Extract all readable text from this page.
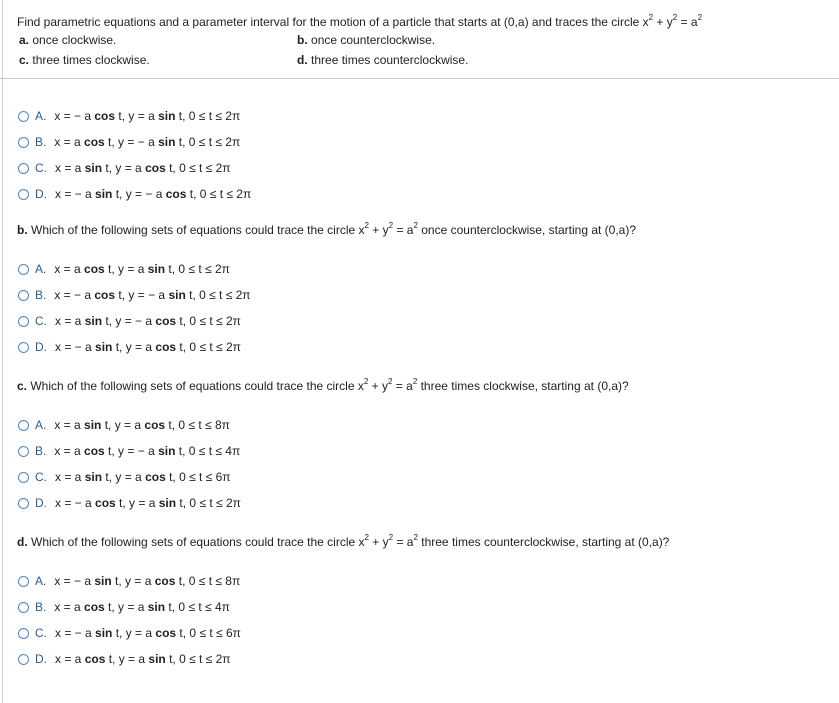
Find parametric equations and a parameter interval for the motion of a particle that starts at (0,a) and traces the circle $x^2 + y^2 = a^2$
a. once clockwise.	b. once counterclockwise.
c. three times clockwise.	d. three times counterclockwise.
A. x = − a cos t, y = a sin t, 0 ≤ t ≤ 2π
B. x = a cos t, y = − a sin t, 0 ≤ t ≤ 2π
C. x = a sin t, y = a cos t, 0 ≤ t ≤ 2π
D. x = − a sin t, y = − a cos t, 0 ≤ t ≤ 2π
b. Which of the following sets of equations could trace the circle $x^2 + y^2 = a^2$ once counterclockwise, starting at (0,a)?
A. x = a cos t, y = a sin t, 0 ≤ t ≤ 2π
B. x = − a cos t, y = − a sin t, 0 ≤ t ≤ 2π
C. x = a sin t, y = − a cos t, 0 ≤ t ≤ 2π
D. x = − a sin t, y = a cos t, 0 ≤ t ≤ 2π
c. Which of the following sets of equations could trace the circle $x^2 + y^2 = a^2$ three times clockwise, starting at (0,a)?
A. x = a sin t, y = a cos t, 0 ≤ t ≤ 8π
B. x = a cos t, y = − a sin t, 0 ≤ t ≤ 4π
C. x = a sin t, y = a cos t, 0 ≤ t ≤ 6π
D. x = − a cos t, y = a sin t, 0 ≤ t ≤ 2π
d. Which of the following sets of equations could trace the circle $x^2 + y^2 = a^2$ three times counterclockwise, starting at (0,a)?
A. x = − a sin t, y = a cos t, 0 ≤ t ≤ 8π
B. x = a cos t, y = a sin t, 0 ≤ t ≤ 4π
C. x = − a sin t, y = a cos t, 0 ≤ t ≤ 6π
D. x = a cos t, y = a sin t, 0 ≤ t ≤ 2π
